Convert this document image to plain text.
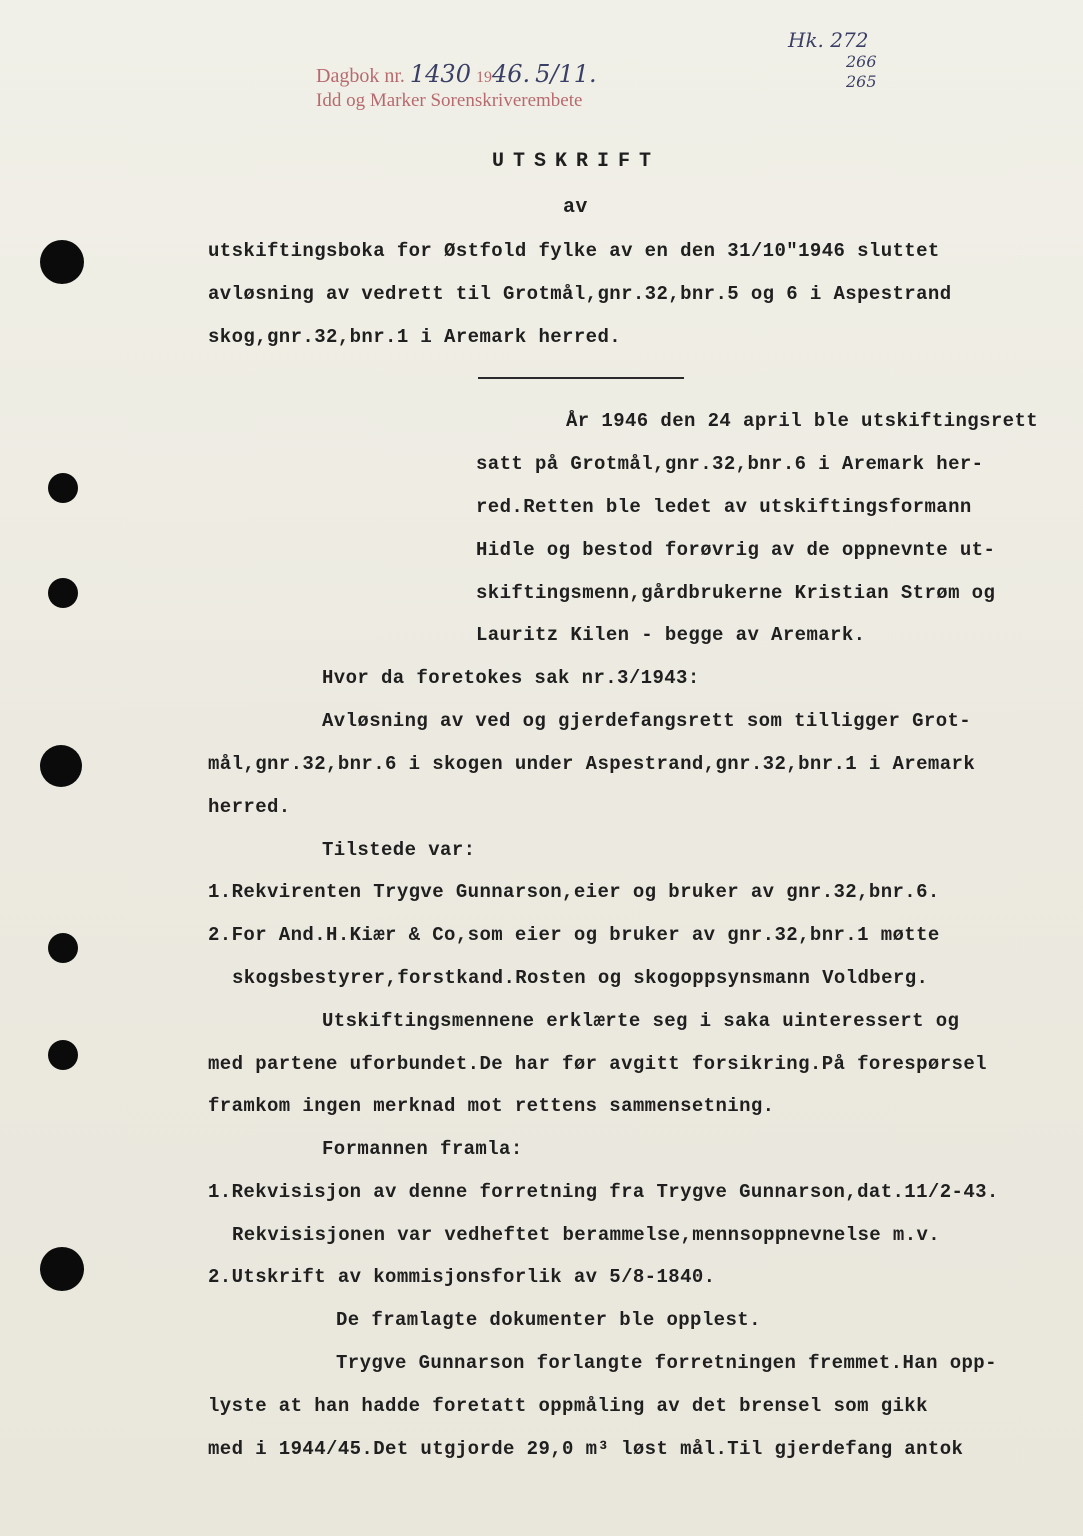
Dagbok nr. 1430 1946. 5/11.
Idd og Marker Sorenskriverembete
Hk. 272
266
265
UTSKRIFT
av
utskiftingsboka for Østfold fylke av en den 31/10"1946 sluttet
avløsning av vedrett til Grotmål,gnr.32,bnr.5 og 6 i Aspestrand
skog,gnr.32,bnr.1 i Aremark herred.
År 1946 den 24 april ble utskiftingsrett
satt på Grotmål,gnr.32,bnr.6 i Aremark her-
red.Retten ble ledet av utskiftingsformann
Hidle og bestod forøvrig av de oppnevnte ut-
skiftingsmenn,gårdbrukerne Kristian Strøm og
Lauritz Kilen - begge av Aremark.
Hvor da foretokes sak nr.3/1943:
Avløsning av ved og gjerdefangsrett som tilligger Grot-
mål,gnr.32,bnr.6 i skogen under Aspestrand,gnr.32,bnr.1 i Aremark
herred.
Tilstede var:
1.Rekvirenten Trygve Gunnarson,eier og bruker av gnr.32,bnr.6.
2.For And.H.Kiær & Co,som eier og bruker av gnr.32,bnr.1 møtte
skogsbestyrer,forstkand.Rosten og skogoppsynsmann Voldberg.
Utskiftingsmennene erklærte seg i saka uinteressert og
med partene uforbundet.De har før avgitt forsikring.På forespørsel
framkom ingen merknad mot rettens sammensetning.
Formannen framla:
1.Rekvisisjon av denne forretning fra Trygve Gunnarson,dat.11/2-43.
Rekvisisjonen var vedheftet berammelse,mennsoppnevnelse m.v.
2.Utskrift av kommisjonsforlik av 5/8-1840.
De framlagte dokumenter ble opplest.
Trygve Gunnarson forlangte forretningen fremmet.Han opp-
lyste at han hadde foretatt oppmåling av det brensel som gikk
med i 1944/45.Det utgjorde 29,0 m³ løst mål.Til gjerdefang antok
